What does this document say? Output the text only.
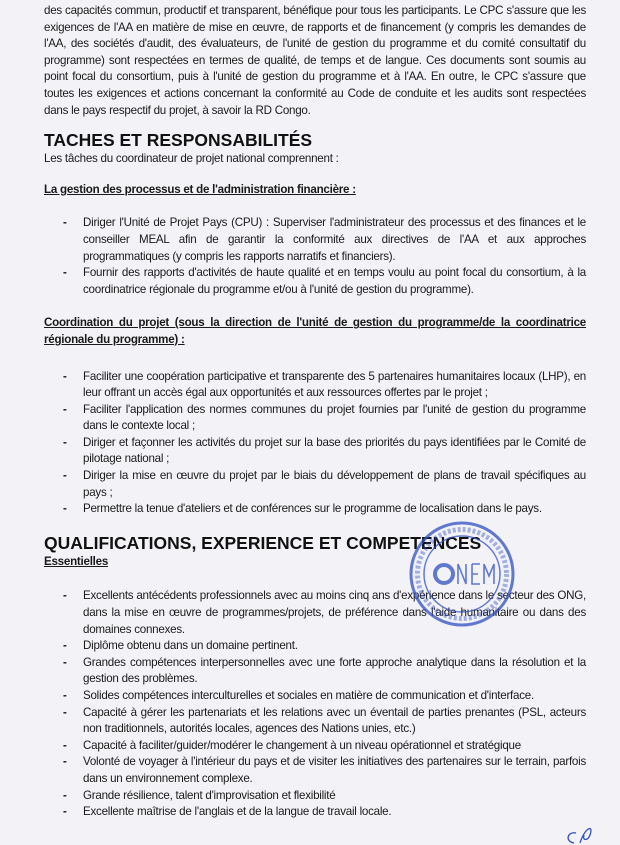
des capacités commun, productif et transparent, bénéfique pour tous les participants. Le CPC s'assure que les exigences de l'AA en matière de mise en œuvre, de rapports et de financement (y compris les demandes de l'AA, des sociétés d'audit, des évaluateurs, de l'unité de gestion du programme et du comité consultatif du programme) sont respectées en termes de qualité, de temps et de langue. Ces documents sont soumis au point focal du consortium, puis à l'unité de gestion du programme et à l'AA. En outre, le CPC s'assure que toutes les exigences et actions concernant la conformité au Code de conduite et les audits sont respectées dans le pays respectif du projet, à savoir la RD Congo.

TACHES ET RESPONSABILITÉS

Les tâches du coordinateur de projet national comprennent :

La gestion des processus et de l'administration financière :

- Diriger l'Unité de Projet Pays (CPU) : Superviser l'administrateur des processus et des finances et le conseiller MEAL afin de garantir la conformité aux directives de l'AA et aux approches programmatiques (y compris les rapports narratifs et financiers).
- Fournir des rapports d'activités de haute qualité et en temps voulu au point focal du consortium, à la coordinatrice régionale du programme et/ou à l'unité de gestion du programme).

Coordination du projet (sous la direction de l'unité de gestion du programme/de la coordinatrice régionale du programme) :

- Faciliter une coopération participative et transparente des 5 partenaires humanitaires locaux (LHP), en leur offrant un accès égal aux opportunités et aux ressources offertes par le projet ;
- Faciliter l'application des normes communes du projet fournies par l'unité de gestion du programme dans le contexte local ;
- Diriger et façonner les activités du projet sur la base des priorités du pays identifiées par le Comité de pilotage national ;
- Diriger la mise en œuvre du projet par le biais du développement de plans de travail spécifiques au pays ;
- Permettre la tenue d'ateliers et de conférences sur le programme de localisation dans le pays.
QUALIFICATIONS, EXPERIENCE ET COMPETENCES

Essentielles

- Excellents antécédents professionnels avec au moins cinq ans d'expérience dans le secteur des ONG, dans la mise en œuvre de programmes/projets, de préférence dans l'aide humanitaire ou dans des domaines connexes.
- Diplôme obtenu dans un domaine pertinent.
- Grandes compétences interpersonnelles avec une forte approche analytique dans la résolution et la gestion des problèmes.
- Solides compétences interculturelles et sociales en matière de communication et d'interface.
- Capacité à gérer les partenariats et les relations avec un éventail de parties prenantes (PSL, acteurs non traditionnels, autorités locales, agences des Nations unies, etc.)
- Capacité à faciliter/guider/modérer le changement à un niveau opérationnel et stratégique
- Volonté de voyager à l'intérieur du pays et de visiter les initiatives des partenaires sur le terrain, parfois dans un environnement complexe.
- Grande résilience, talent d'improvisation et flexibilité
- Excellente maîtrise de l'anglais et de la langue de travail locale.
